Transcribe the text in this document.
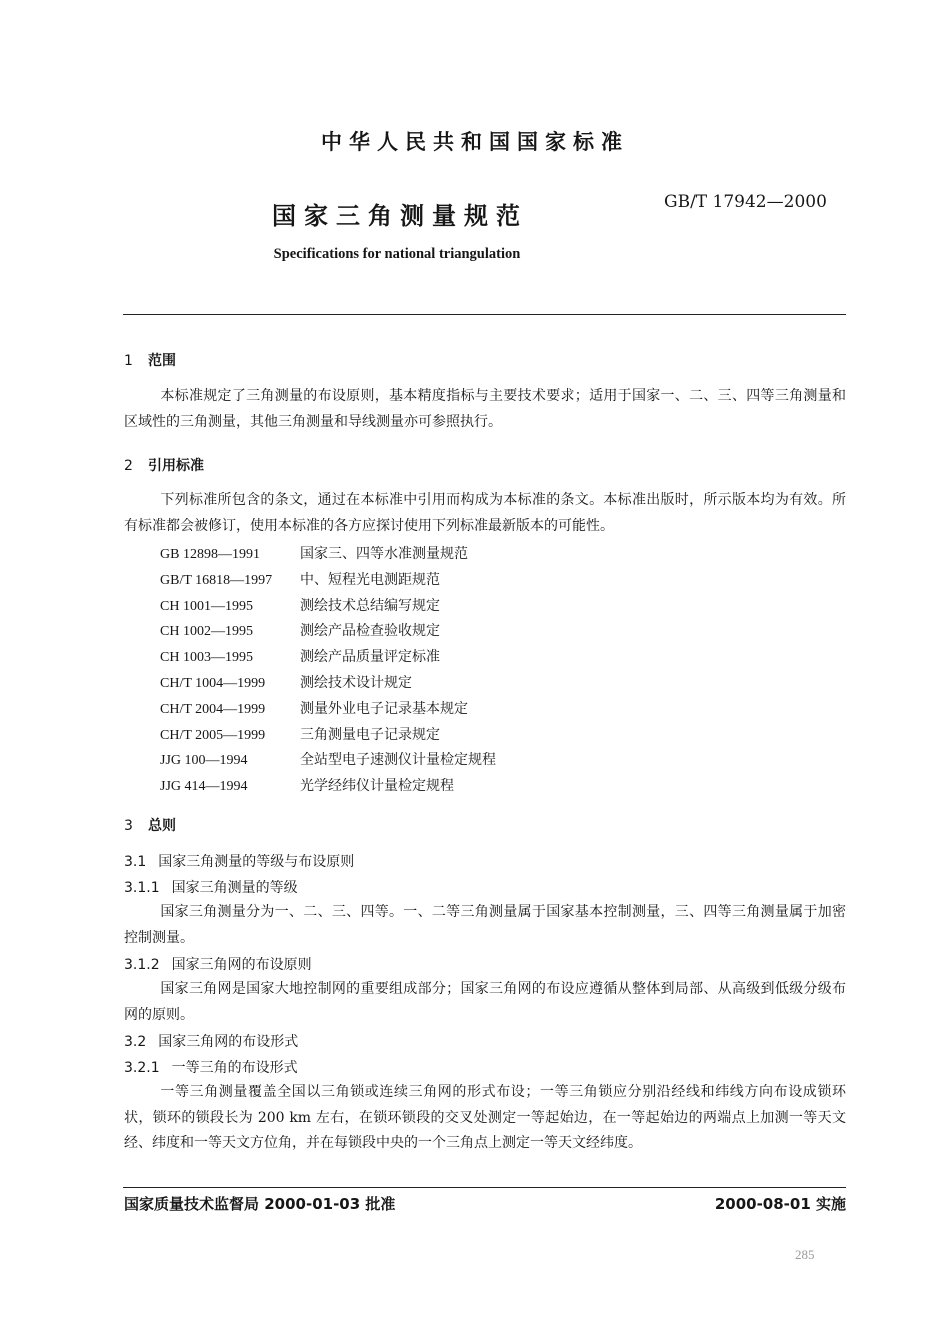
中华人民共和国国家标准
国家三角测量规范	GB/T 17942—2000
Specifications for national triangulation
1 范围
本标准规定了三角测量的布设原则，基本精度指标与主要技术要求；适用于国家一、二、三、四等三角测量和区域性的三角测量，其他三角测量和导线测量亦可参照执行。
2 引用标准
下列标准所包含的条文，通过在本标准中引用而构成为本标准的条文。本标准出版时，所示版本均为有效。所有标准都会被修订，使用本标准的各方应探讨使用下列标准最新版本的可能性。
GB 12898—1991	国家三、四等水准测量规范
GB/T 16818—1997 中、短程光电测距规范
CH 1001—1995	测绘技术总结编写规定
CH 1002—1995	测绘产品检查验收规定
CH 1003—1995	测绘产品质量评定标准
CH/T 1004—1999 测绘技术设计规定
CH/T 2004—1999 测量外业电子记录基本规定
CH/T 2005—1999 三角测量电子记录规定
JJG 100—1994	全站型电子速测仪计量检定规程
JJG 414—1994	光学经纬仪计量检定规程
3 总则
3.1 国家三角测量的等级与布设原则
3.1.1 国家三角测量的等级
国家三角测量分为一、二、三、四等。一、二等三角测量属于国家基本控制测量，三、四等三角测量属于加密控制测量。
3.1.2 国家三角网的布设原则
国家三角网是国家大地控制网的重要组成部分；国家三角网的布设应遵循从整体到局部、从高级到低级分级布网的原则。
3.2 国家三角网的布设形式
3.2.1 一等三角的布设形式
一等三角测量覆盖全国以三角锁或连续三角网的形式布设；一等三角锁应分别沿经线和纬线方向布设成锁环状，锁环的锁段长为 200 km 左右，在锁环锁段的交叉处测定一等起始边，在一等起始边的两端点上加测一等天文经、纬度和一等天文方位角，并在每锁段中央的一个三角点上测定一等天文经纬度。
国家质量技术监督局 2000-01-03 批准	2000-08-01 实施
285
